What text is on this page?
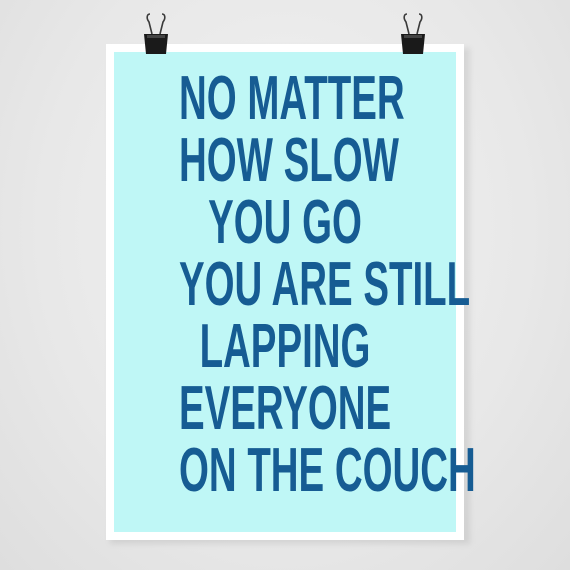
NO MATTER
HOW SLOW
YOU GO
YOU ARE STILL
LAPPING
EVERYONE
ON THE COUCH
